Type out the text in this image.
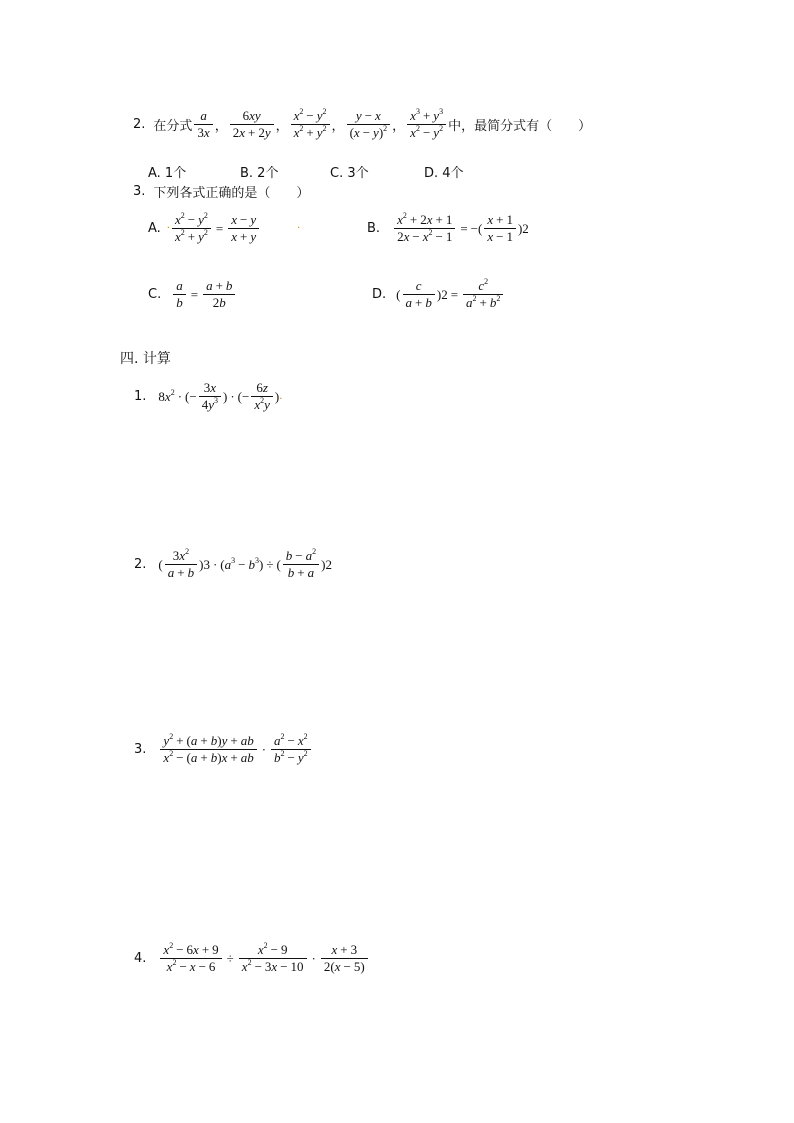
2. 在分式 $\frac{a}{3x}$ ， $\frac{6xy}{2x + 2y}$ ， $\frac{x^2 - y^2}{x^2 + y^2}$ ， $\frac{y - x}{(x - y)^2}$ ， $\frac{x^3 + y^3}{x^2 - y^2}$ 中，最简分式有（ ）
A. 1个	B. 2个	C. 3个	D. 4个
3. 下列各式正确的是（ ）
A. · $\frac{x^2 - y^2}{x^2 + y^2} = \frac{x - y}{x + y}$	·	B. $\frac{x^2 + 2x + 1}{2x - x^2 - 1}$ = −( $\frac{x + 1}{x - 1}$ ) 2
C. $\frac{a}{b} = \frac{a + b}{2b}$	D. ( $\frac{c}{a + b}$ ) $2 = \frac{c^2}{a^2 + b^2}$
四. 计算
1. $8x^2$ · (− $\frac{3x}{4y^3}$ ) · (− $\frac{6z}{x^2y}$ ) .
2. ( $\frac{3x^2}{a + b}$ ) $3 \cdot (a^3 - b^3)$ ÷ ( $\frac{b - a^2}{b + a}$ ) 2
3. $\frac{y^2 + (a + b)y + ab}{x^2 - (a + b)x + ab} \cdot \frac{a^2 - x^2}{b^2 - y^2}$
4. $\frac{x^2 - 6x + 9}{x^2 - x - 6} \div \frac{x^2 - 9}{x^2 - 3x - 10} \cdot \frac{x + 3}{2(x - 5)}$
